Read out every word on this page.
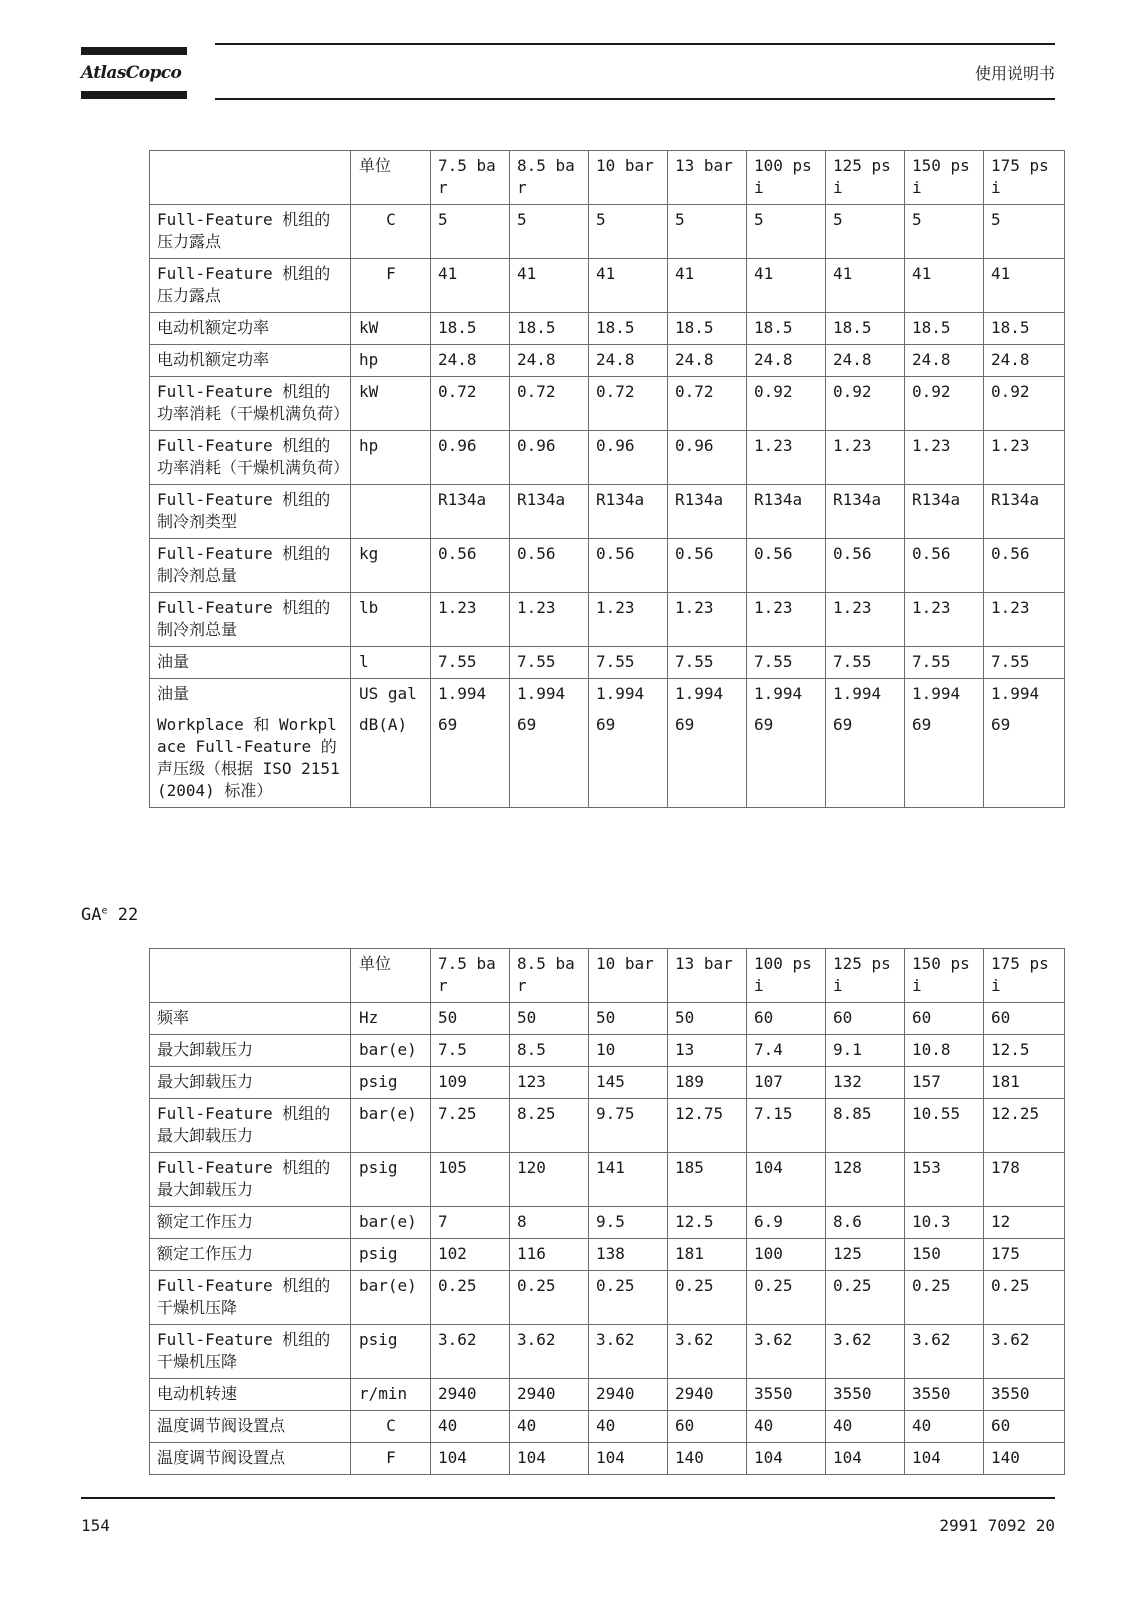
AtlasCopco	使用说明书
	单位	7.5 bar	8.5 bar	10 bar	13 bar	100 psi	125 psi	150 psi	175 psi
Full-Feature 机组的压力露点	C	5	5	5	5	5	5	5	5
Full-Feature 机组的压力露点	F	41	41	41	41	41	41	41	41
电动机额定功率	kW	18.5	18.5	18.5	18.5	18.5	18.5	18.5	18.5
电动机额定功率	hp	24.8	24.8	24.8	24.8	24.8	24.8	24.8	24.8
Full-Feature 机组的功率消耗（干燥机满负荷）	kW	0.72	0.72	0.72	0.72	0.92	0.92	0.92	0.92
Full-Feature 机组的功率消耗（干燥机满负荷）	hp	0.96	0.96	0.96	0.96	1.23	1.23	1.23	1.23
Full-Feature 机组的制冷剂类型		R134a	R134a	R134a	R134a	R134a	R134a	R134a	R134a
Full-Feature 机组的制冷剂总量	kg	0.56	0.56	0.56	0.56	0.56	0.56	0.56	0.56
Full-Feature 机组的制冷剂总量	lb	1.23	1.23	1.23	1.23	1.23	1.23	1.23	1.23
油量	l	7.55	7.55	7.55	7.55	7.55	7.55	7.55	7.55
油量	US gal	1.994	1.994	1.994	1.994	1.994	1.994	1.994	1.994
Workplace 和 Workplace Full-Feature 的声压级（根据 ISO 2151 (2004) 标准）	dB(A)	69	69	69	69	69	69	69	69
$GA^e$ 22
	单位	7.5 bar	8.5 bar	10 bar	13 bar	100 psi	125 psi	150 psi	175 psi
频率	Hz	50	50	50	50	60	60	60	60
最大卸载压力	bar(e)	7.5	8.5	10	13	7.4	9.1	10.8	12.5
最大卸载压力	psig	109	123	145	189	107	132	157	181
Full-Feature 机组的最大卸载压力	bar(e)	7.25	8.25	9.75	12.75	7.15	8.85	10.55	12.25
Full-Feature 机组的最大卸载压力	psig	105	120	141	185	104	128	153	178
额定工作压力	bar(e)	7	8	9.5	12.5	6.9	8.6	10.3	12
额定工作压力	psig	102	116	138	181	100	125	150	175
Full-Feature 机组的干燥机压降	bar(e)	0.25	0.25	0.25	0.25	0.25	0.25	0.25	0.25
Full-Feature 机组的干燥机压降	psig	3.62	3.62	3.62	3.62	3.62	3.62	3.62	3.62
电动机转速	r/min	2940	2940	2940	2940	3550	3550	3550	3550
温度调节阀设置点	C	40	40	40	60	40	40	40	60
温度调节阀设置点	F	104	104	104	140	104	104	104	140
154	2991 7092 20
